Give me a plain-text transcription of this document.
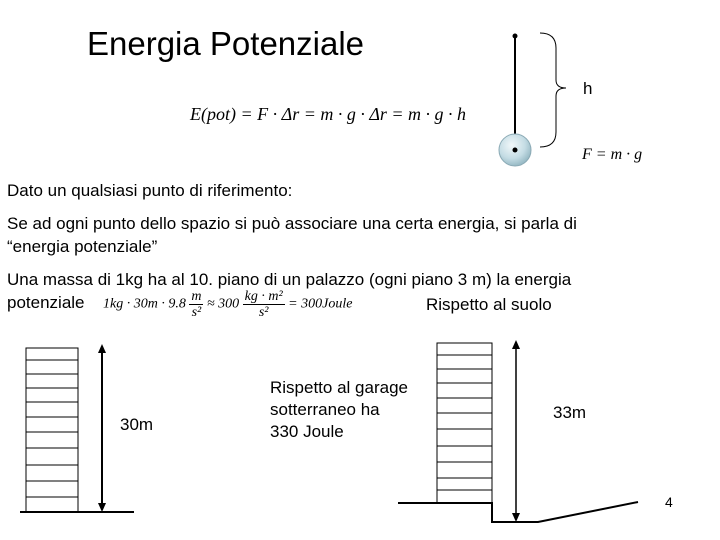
Energia Potenziale
h
E(pot) = F · Δr = m · g · Δr = m · g · h
F = m · g
Dato un qualsiasi punto di riferimento:
Se ad ogni punto dello spazio si può associare una certa energia, si parla di
“energia potenziale”
Una massa di 1kg ha al 10. piano di un palazzo (ogni piano 3 m) la energia
potenziale $1kg \cdot 30m \cdot 9.8 \frac{m}{\text{s²}} \approx 300 \frac{\text{kg · m²}}{\text{s²}}$ = 300Joule	Rispetto al suolo
30m
Rispetto al garage
sotterraneo ha
330 Joule
33m
4
